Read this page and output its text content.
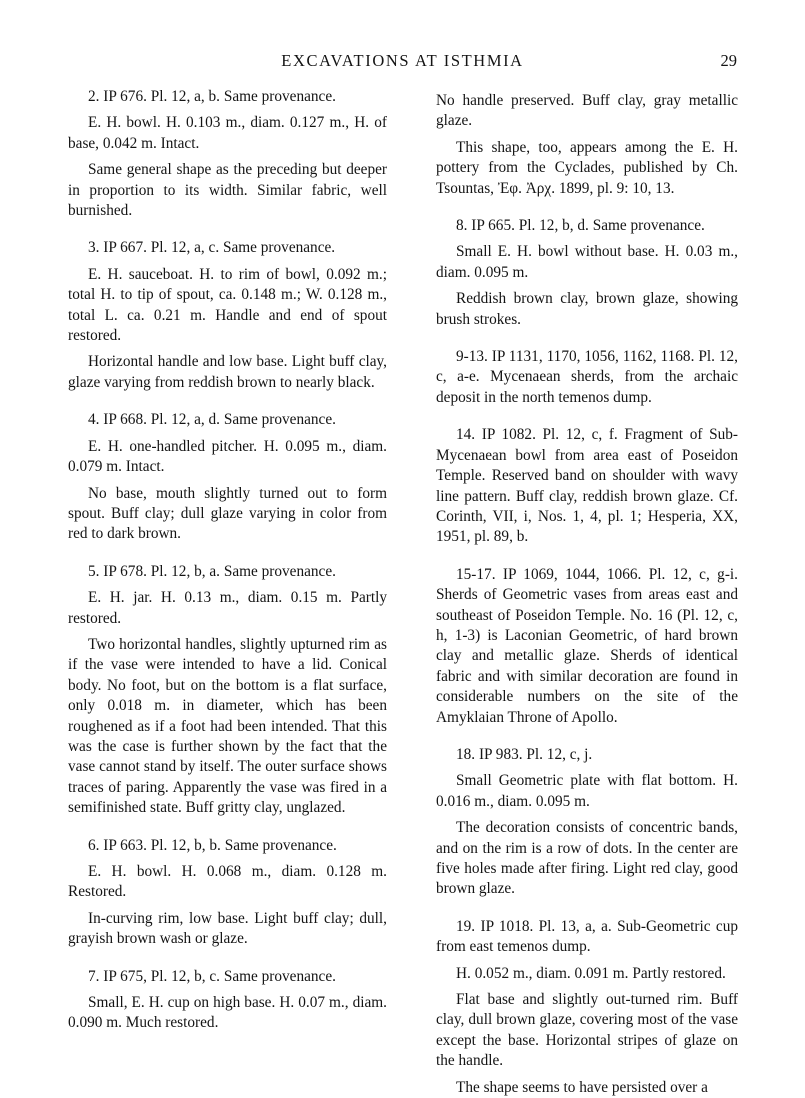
EXCAVATIONS AT ISTHMIA	29

2. IP 676. Pl. 12, a, b. Same provenance.

E. H. bowl. H. 0.103 m., diam. 0.127 m., H. of base, 0.042 m. Intact.

Same general shape as the preceding but deeper in proportion to its width. Similar fabric, well burnished.

3. IP 667. Pl. 12, a, c. Same provenance.

E. H. sauceboat. H. to rim of bowl, 0.092 m.; total H. to tip of spout, ca. 0.148 m.; W. 0.128 m., total L. ca. 0.21 m. Handle and end of spout restored.

Horizontal handle and low base. Light buff clay, glaze varying from reddish brown to nearly black.

4. IP 668. Pl. 12, a, d. Same provenance.

E. H. one-handled pitcher. H. 0.095 m., diam. 0.079 m. Intact.

No base, mouth slightly turned out to form spout. Buff clay; dull glaze varying in color from red to dark brown.

5. IP 678. Pl. 12, b, a. Same provenance.

E. H. jar. H. 0.13 m., diam. 0.15 m. Partly restored.

Two horizontal handles, slightly upturned rim as if the vase were intended to have a lid. Conical body. No foot, but on the bottom is a flat surface, only 0.018 m. in diameter, which has been roughened as if a foot had been intended. That this was the case is further shown by the fact that the vase cannot stand by itself. The outer surface shows traces of paring. Apparently the vase was fired in a semifinished state. Buff gritty clay, unglazed.

6. IP 663. Pl. 12, b, b. Same provenance.

E. H. bowl. H. 0.068 m., diam. 0.128 m. Restored.

In-curving rim, low base. Light buff clay; dull, grayish brown wash or glaze.

7. IP 675, Pl. 12, b, c. Same provenance.

Small, E. H. cup on high base. H. 0.07 m., diam. 0.090 m. Much restored.

No handle preserved. Buff clay, gray metallic glaze.

This shape, too, appears among the E. H. pottery from the Cyclades, published by Ch. Tsountas, Ἐφ. Ἀρχ. 1899, pl. 9: 10, 13.

8. IP 665. Pl. 12, b, d. Same provenance.

Small E. H. bowl without base. H. 0.03 m., diam. 0.095 m.

Reddish brown clay, brown glaze, showing brush strokes.

9-13. IP 1131, 1170, 1056, 1162, 1168. Pl. 12, c, a-e. Mycenaean sherds, from the archaic deposit in the north temenos dump.

14. IP 1082. Pl. 12, c, f. Fragment of Sub-Mycenaean bowl from area east of Poseidon Temple. Reserved band on shoulder with wavy line pattern. Buff clay, reddish brown glaze. Cf. Corinth, VII, i, Nos. 1, 4, pl. 1; Hesperia, XX, 1951, pl. 89, b.

15-17. IP 1069, 1044, 1066. Pl. 12, c, g-i. Sherds of Geometric vases from areas east and southeast of Poseidon Temple. No. 16 (Pl. 12, c, h, 1-3) is Laconian Geometric, of hard brown clay and metallic glaze. Sherds of identical fabric and with similar decoration are found in considerable numbers on the site of the Amyklaian Throne of Apollo.

18. IP 983. Pl. 12, c, j.

Small Geometric plate with flat bottom. H. 0.016 m., diam. 0.095 m.

The decoration consists of concentric bands, and on the rim is a row of dots. In the center are five holes made after firing. Light red clay, good brown glaze.

19. IP 1018. Pl. 13, a, a. Sub-Geometric cup from east temenos dump.

H. 0.052 m., diam. 0.091 m. Partly restored.

Flat base and slightly out-turned rim. Buff clay, dull brown glaze, covering most of the vase except the base. Horizontal stripes of glaze on the handle.

The shape seems to have persisted over a
